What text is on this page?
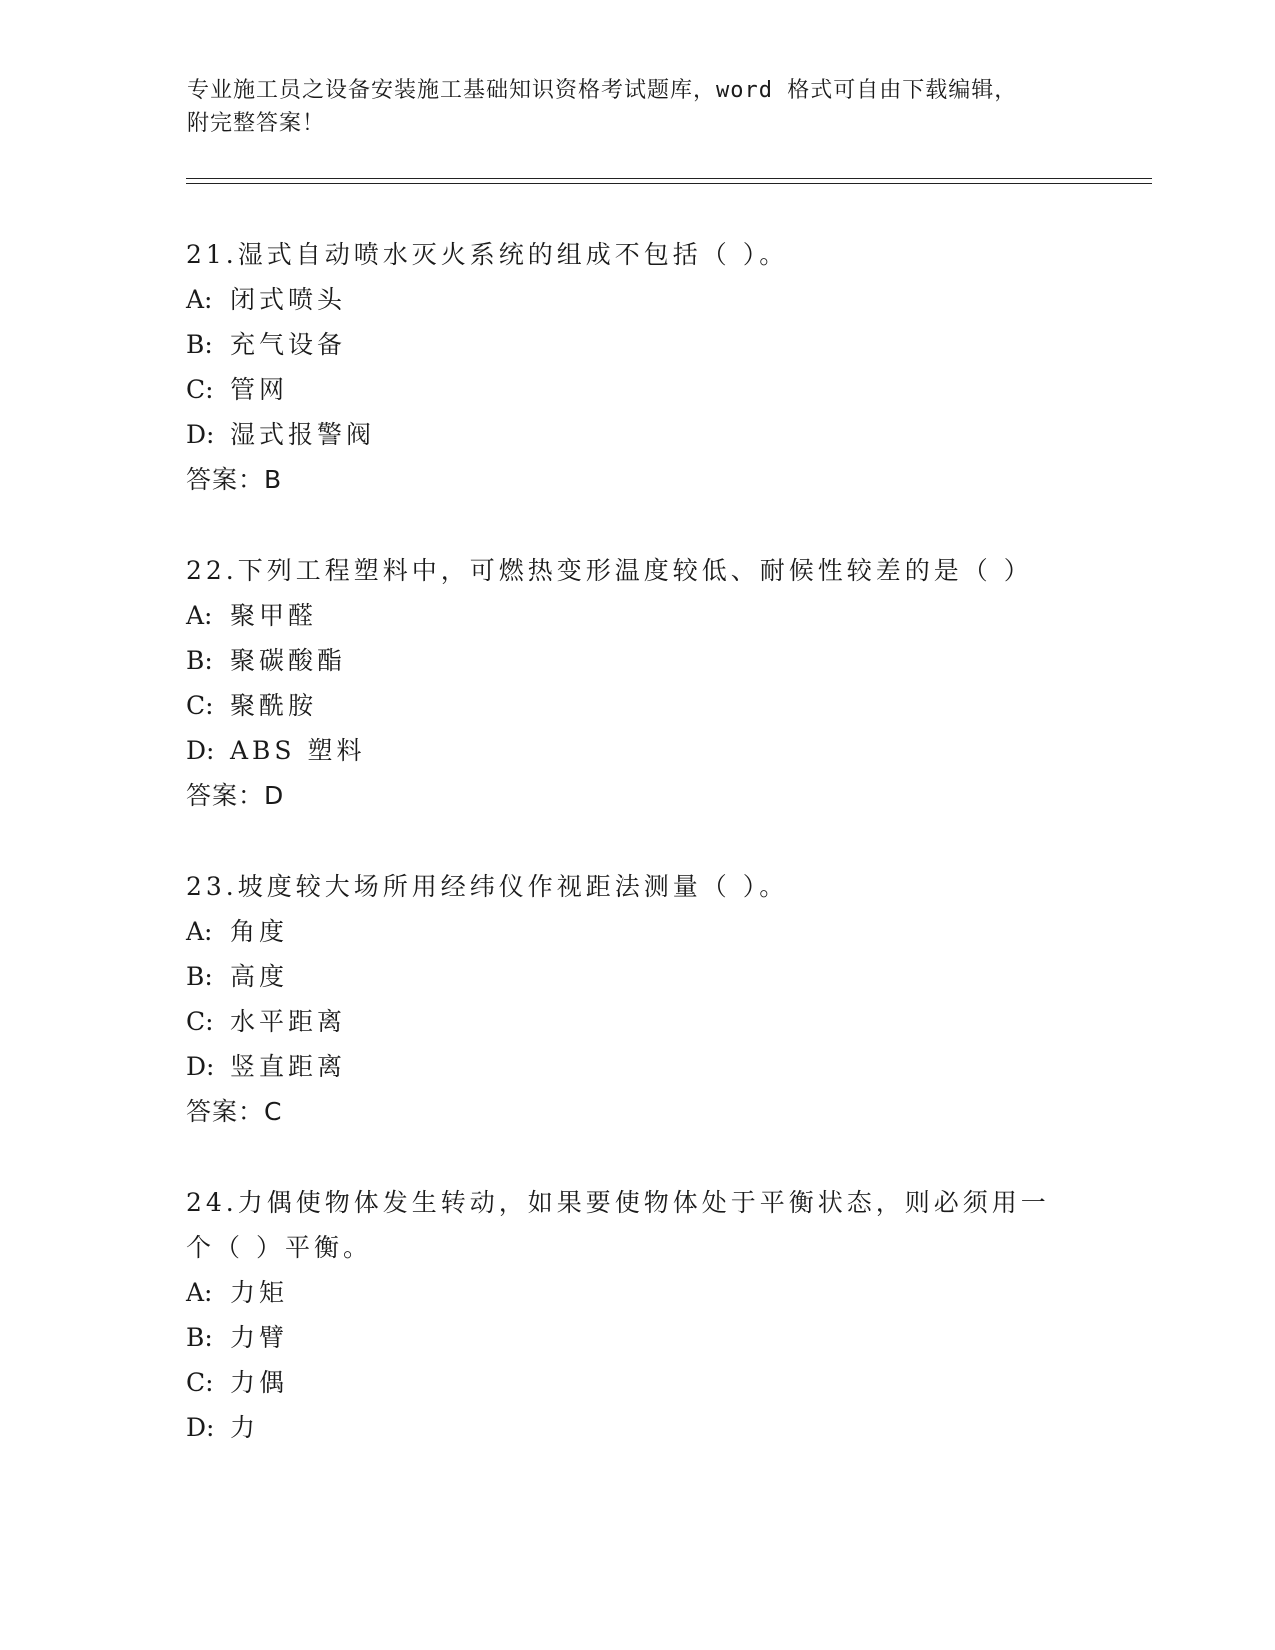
专业施工员之设备安装施工基础知识资格考试题库，word 格式可自由下载编辑，
附完整答案！
21.湿式自动喷水灭火系统的组成不包括（ ）。
A: 闭式喷头
B: 充气设备
C: 管网
D: 湿式报警阀
答案：B
22.下列工程塑料中，可燃热变形温度较低、耐候性较差的是（ ）
A: 聚甲醛
B: 聚碳酸酯
C: 聚酰胺
D: ABS 塑料
答案：D
23.坡度较大场所用经纬仪作视距法测量（ ）。
A: 角度
B: 高度
C: 水平距离
D: 竖直距离
答案：C
24.力偶使物体发生转动，如果要使物体处于平衡状态，则必须用一个（ ）平衡。
A: 力矩
B: 力臂
C: 力偶
D: 力
